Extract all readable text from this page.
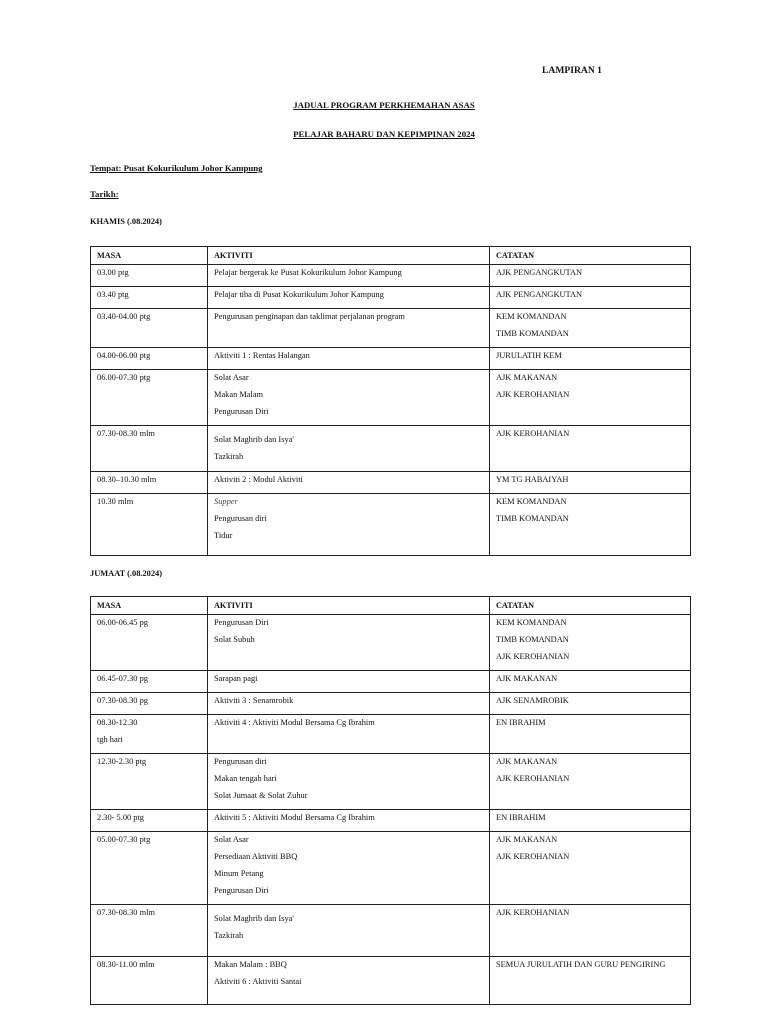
LAMPIRAN 1
JADUAL PROGRAM PERKHEMAHAN ASAS
PELAJAR BAHARU DAN KEPIMPINAN 2024
Tempat: Pusat Kokurikulum Johor Kampung
Tarikh:
KHAMIS (.08.2024)
MASA	AKTIVITI	CATATAN

03.00 ptg	Pelajar bergerak ke Pusat Kokurikulum Johor Kampung	AJK PENGANGKUTAN

03.40 ptg	Pelajar tiba di Pusat Kokurikulum Johor Kampung	AJK PENGANGKUTAN

03.40-04.00 ptg	Pengurusan penginapan dan taklimat perjalanan program	KEM KOMANDAN
TIMB KOMANDAN

04.00-06.00 ptg	Aktiviti 1 : Rentas Halangan	JURULATIH KEM

06.00-07.30 ptg	Solat Asar
Makan Malam
Pengurusan Diri	AJK MAKANAN
AJK KEROHANIAN

07.30-08.30 mlm	Solat Maghrib dan Isya'
Tazkirah	AJK KEROHANIAN

08.30–10.30 mlm	Aktiviti 2 : Modul Aktiviti	YM TG HABAIYAH

10.30 mlm	Supper
Pengurusan diri
Tidur	KEM KOMANDAN
TIMB KOMANDAN
JUMAAT (.08.2024)
MASA	AKTIVITI	CATATAN

06.00-06.45 pg	Pengurusan Diri
Solat Subuh	KEM KOMANDAN
TIMB KOMANDAN
AJK KEROHANIAN

06.45-07.30 pg	Sarapan pagi	AJK MAKANAN

07.30-08.30 pg	Aktiviti 3 : Senamrobik	AJK SENAMROBIK

08.30-12.30
tgh hari	Aktiviti 4 : Aktiviti Modul Bersama Cg Ibrahim	EN IBRAHIM

12.30-2.30 ptg	Pengurusan diri
Makan tengah hari
Solat Jumaat & Solat Zuhur	AJK MAKANAN
AJK KEROHANIAN

2.30- 5.00 ptg	Aktiviti 5 : Aktiviti Modul Bersama Cg Ibrahim	EN IBRAHIM

05.00-07.30 ptg	Solat Asar
Persediaan Aktiviti BBQ
Minum Petang
Pengurusan Diri	AJK MAKANAN
AJK KEROHANIAN

07.30-08.30 mlm	Solat Maghrib dan Isya'
Tazkirah	AJK KEROHANIAN

08.30-11.00 mlm	Makan Malam : BBQ
Aktiviti 6 : Aktiviti Santai	SEMUA JURULATIH DAN GURU PENGIRING
